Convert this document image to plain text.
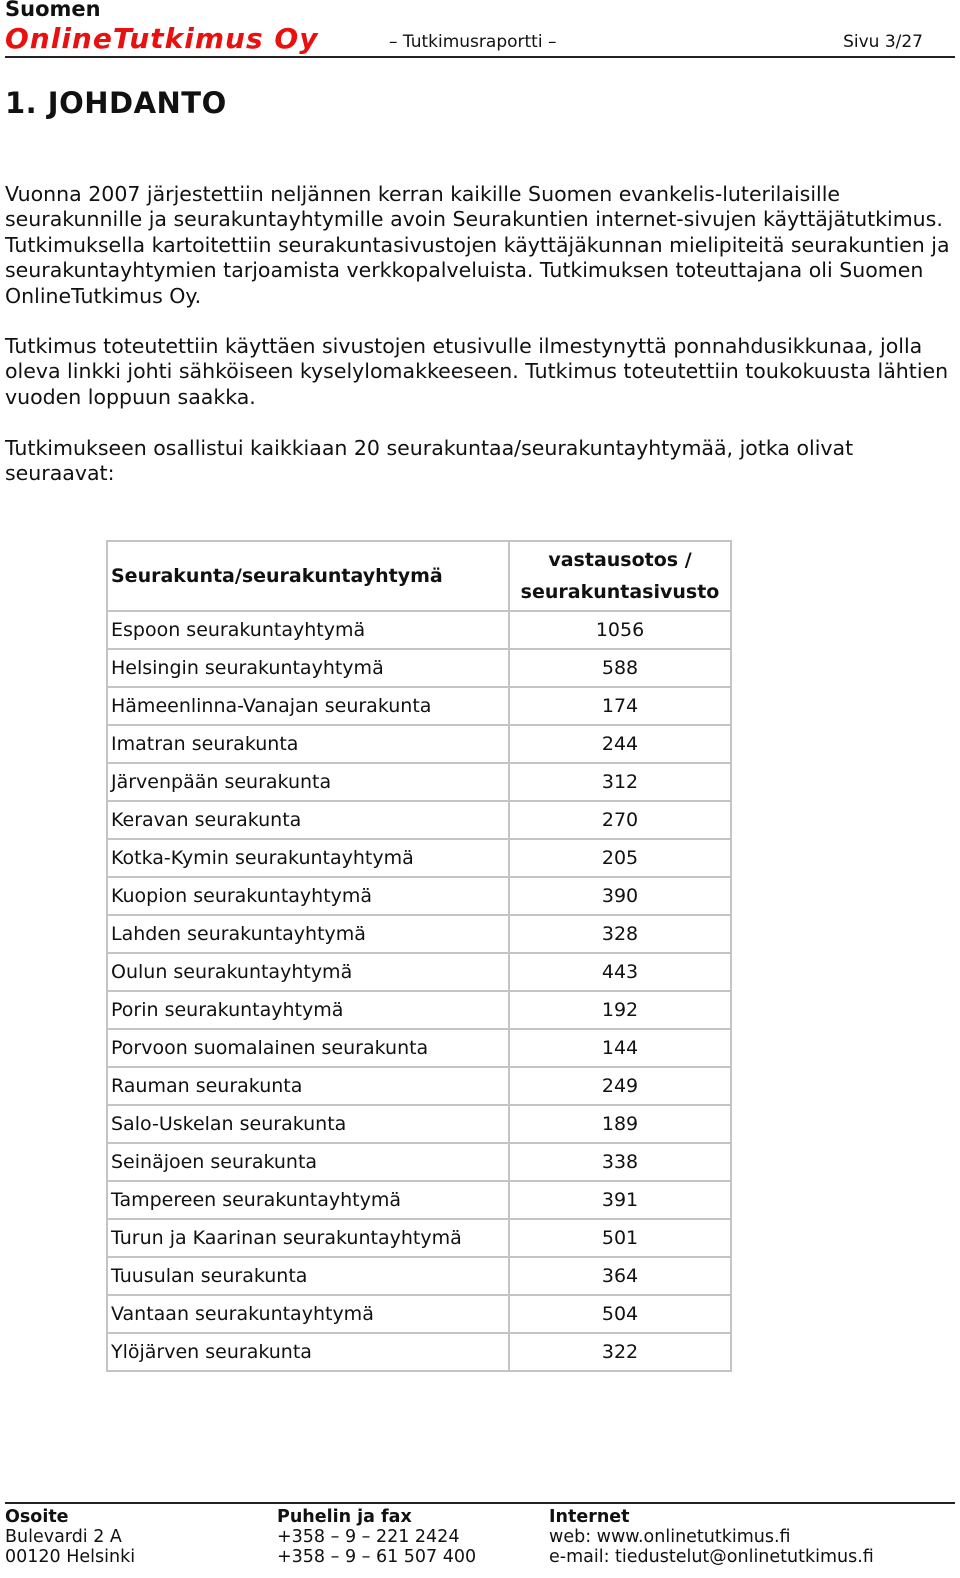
Suomen
OnlineTutkimus Oy	– Tutkimusraportti –	Sivu 3/27
1. JOHDANTO

Vuonna 2007 järjestettiin neljännen kerran kaikille Suomen evankelis-luterilaisille seurakunnille ja seurakuntayhtymille avoin Seurakuntien internet-sivujen käyttäjätutkimus. Tutkimuksella kartoitettiin seurakuntasivustojen käyttäjäkunnan mielipiteitä seurakuntien ja seurakuntayhtymien tarjoamista verkkopalveluista. Tutkimuksen toteuttajana oli Suomen OnlineTutkimus Oy.

Tutkimus toteutettiin käyttäen sivustojen etusivulle ilmestynyttä ponnahdusikkunaa, jolla oleva linkki johti sähköiseen kyselylomakkeeseen. Tutkimus toteutettiin toukokuusta lähtien vuoden loppuun saakka.

Tutkimukseen osallistui kaikkiaan 20 seurakuntaa/seurakuntayhtymää, jotka olivat seuraavat:

Seurakunta/seurakuntayhtymä	vastausotos /
seurakuntasivusto
Espoon seurakuntayhtymä	1056
Helsingin seurakuntayhtymä	588
Hämeenlinna-Vanajan seurakunta	174
Imatran seurakunta	244
Järvenpään seurakunta	312
Keravan seurakunta	270
Kotka-Kymin seurakuntayhtymä	205
Kuopion seurakuntayhtymä	390
Lahden seurakuntayhtymä	328
Oulun seurakuntayhtymä	443
Porin seurakuntayhtymä	192
Porvoon suomalainen seurakunta	144
Rauman seurakunta	249
Salo-Uskelan seurakunta	189
Seinäjoen seurakunta	338
Tampereen seurakuntayhtymä	391
Turun ja Kaarinan seurakuntayhtymä	501
Tuusulan seurakunta	364
Vantaan seurakuntayhtymä	504
Ylöjärven seurakunta	322
Osoite
Bulevardi 2 A
00120 Helsinki
Puhelin ja fax
+358 – 9 – 221 2424
+358 – 9 – 61 507 400
Internet
web: www.onlinetutkimus.fi
e-mail: tiedustelut@onlinetutkimus.fi
